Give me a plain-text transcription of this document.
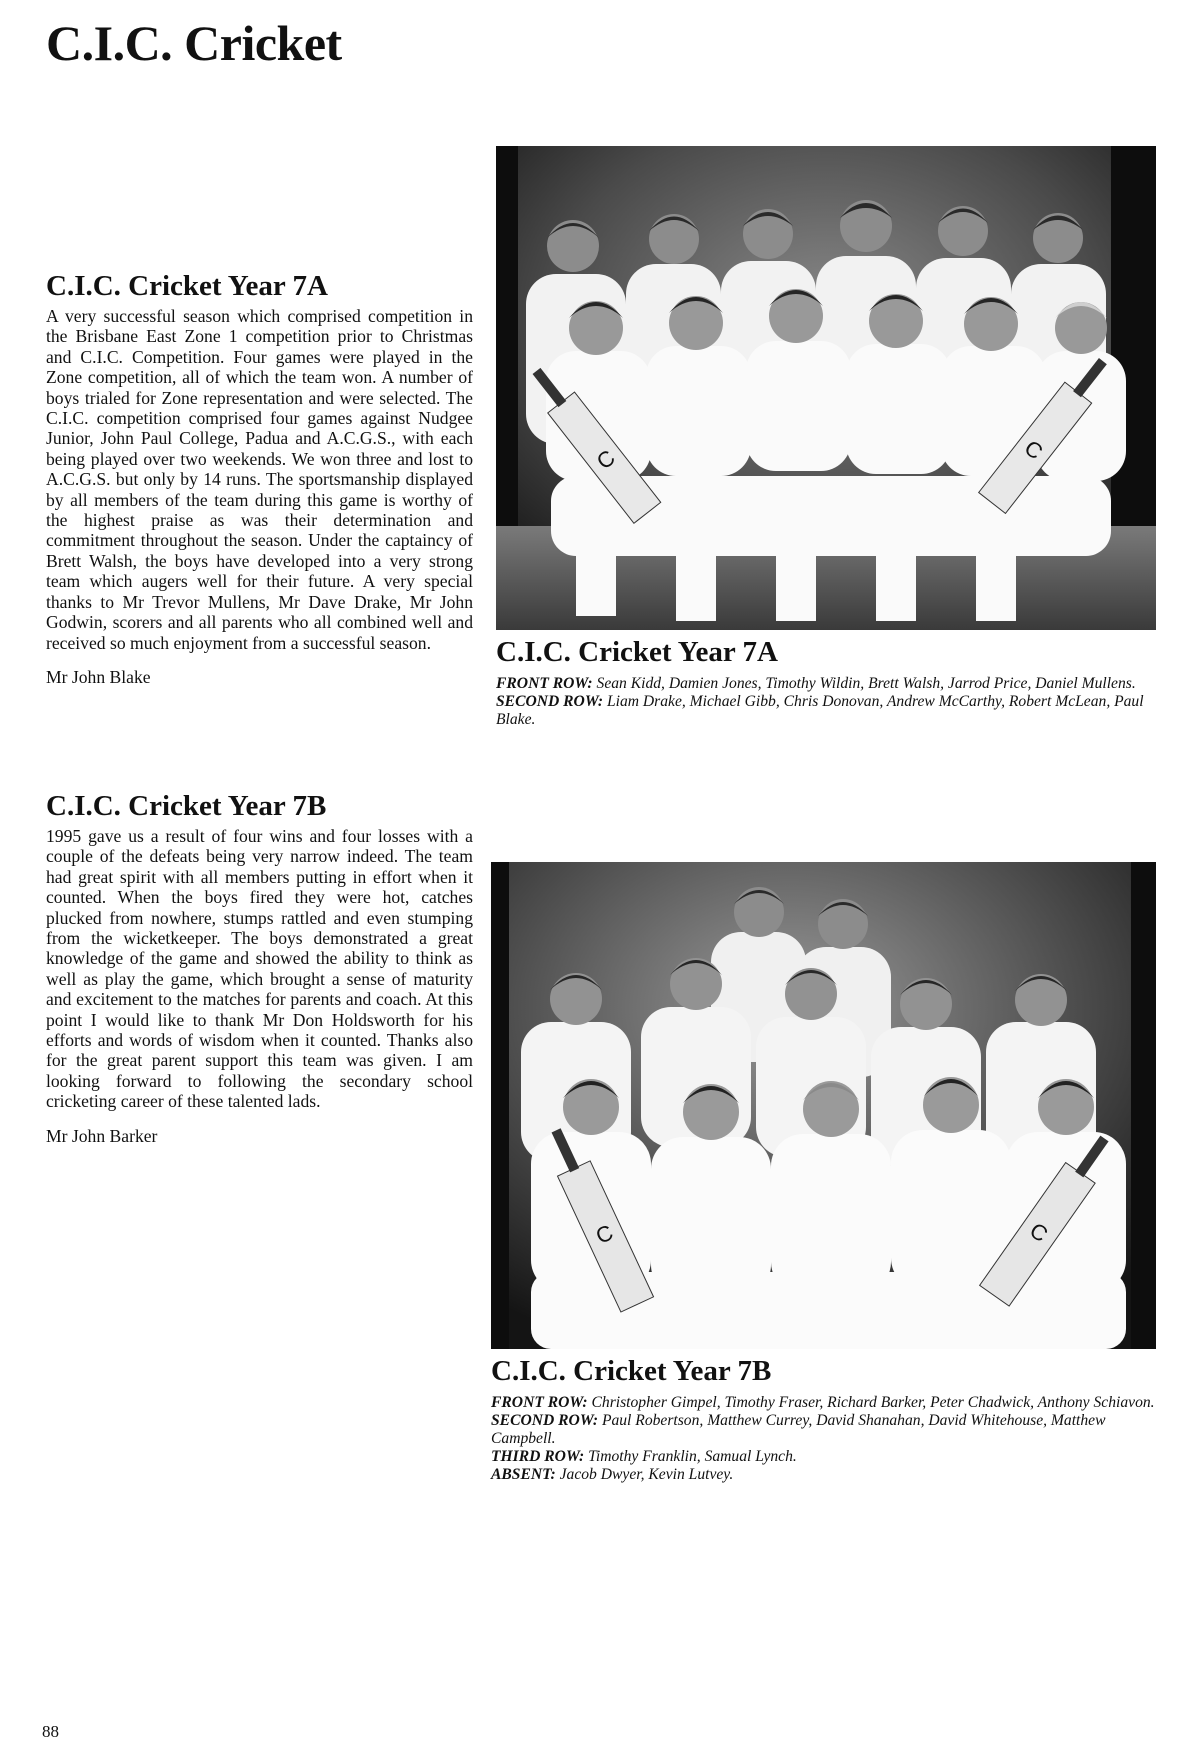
C.I.C. Cricket
C.I.C. Cricket Year 7A

A very successful season which comprised competition in the Brisbane East Zone 1 competition prior to Christmas and C.I.C. Competition. Four games were played in the Zone competition, all of which the team won. A number of boys trialed for Zone representation and were selected. The C.I.C. competition comprised four games against Nudgee Junior, John Paul College, Padua and A.C.G.S., with each being played over two weekends. We won three and lost to A.C.G.S. but only by 14 runs. The sportsmanship displayed by all members of the team during this game is worthy of the highest praise as was their determination and commitment throughout the season. Under the captaincy of Brett Walsh, the boys have developed into a very strong team which augers well for their future. A very special thanks to Mr Trevor Mullens, Mr Dave Drake, Mr John Godwin, scorers and all parents who all combined well and received so much enjoyment from a successful season.

Mr John Blake

C	C
C.I.C. Cricket Year 7A

FRONT ROW: Sean Kidd, Damien Jones, Timothy Wildin, Brett Walsh, Jarrod Price, Daniel Mullens.

SECOND ROW: Liam Drake, Michael Gibb, Chris Donovan, Andrew McCarthy, Robert McLean, Paul Blake.

C.I.C. Cricket Year 7B

1995 gave us a result of four wins and four losses with a couple of the defeats being very narrow indeed. The team had great spirit with all members putting in effort when it counted. When the boys fired they were hot, catches plucked from nowhere, stumps rattled and even stumping from the wicketkeeper. The boys demonstrated a great knowledge of the game and showed the ability to think as well as play the game, which brought a sense of maturity and excitement to the matches for parents and coach. At this point I would like to thank Mr Don Holdsworth for his efforts and words of wisdom when it counted. Thanks also for the great parent support this team was given. I am looking forward to following the secondary school cricketing career of these talented lads.

Mr John Barker

C	C
C.I.C. Cricket Year 7B

FRONT ROW: Christopher Gimpel, Timothy Fraser, Richard Barker, Peter Chadwick, Anthony Schiavon.

SECOND ROW: Paul Robertson, Matthew Currey, David Shanahan, David Whitehouse, Matthew Campbell.

THIRD ROW: Timothy Franklin, Samual Lynch.

ABSENT: Jacob Dwyer, Kevin Lutvey.

88
